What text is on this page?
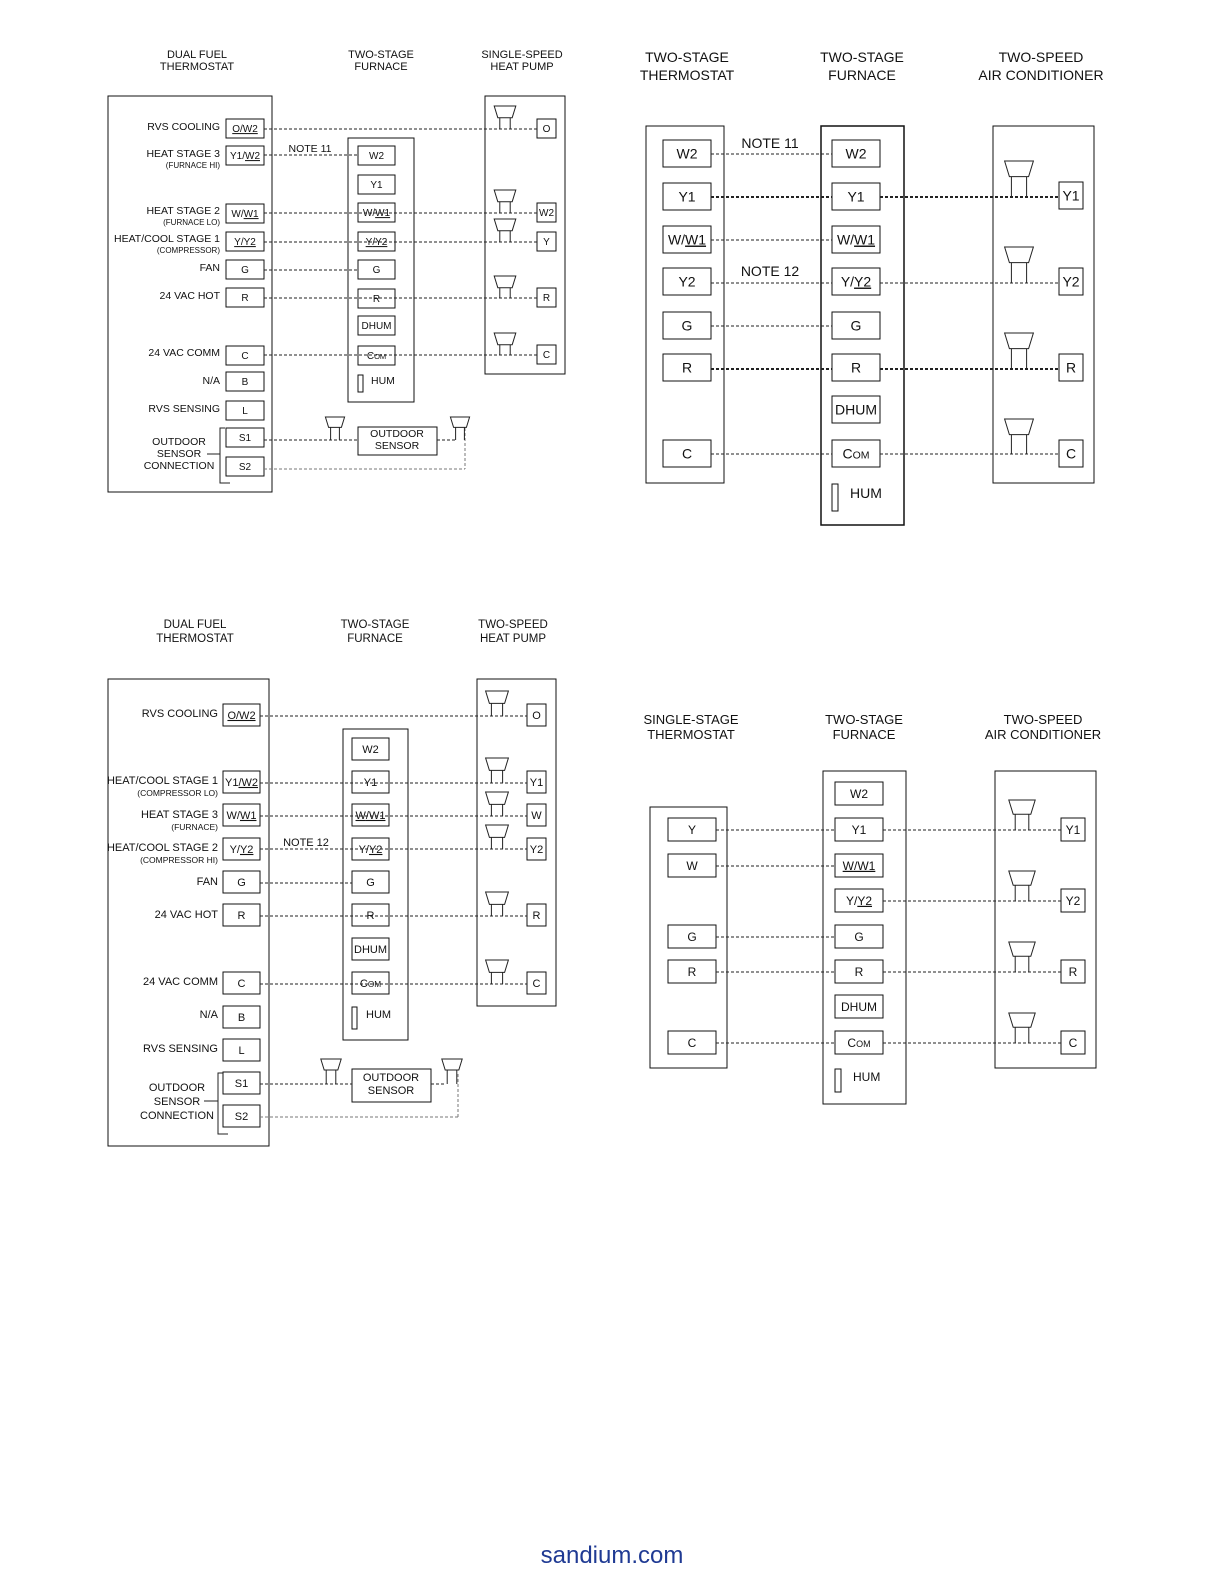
DUAL FUEL THERMOSTAT
TWO-STAGE FURNACE
SINGLE-SPEED HEAT PUMP
O/W2
Y1/W2
W/W1
Y/Y2
G
R
C
B
L
S1
S2
RVS COOLING
HEAT STAGE 3
(FURNACE HI)
HEAT STAGE 2
(FURNACE LO)
HEAT/COOL STAGE 1
(COMPRESSOR)
FAN
24 VAC HOT
24 VAC COMM
N/A
RVS SENSING
OUTDOOR SENSOR CONNECTION
W2
Y1
W/W1
Y/Y2
G
R
DHUM
COM
HUM
NOTE 11
O
W2
Y
R
C
OUTDOOR SENSOR
TWO-STAGE THERMOSTAT
TWO-STAGE FURNACE
TWO-SPEED AIR CONDITIONER
W2
Y1
W/W1
Y2
G
R
C
W2
Y1
W/W1
Y/Y2
G
R
DHUM
COM
HUM
NOTE 11
NOTE 12
Y1
Y2
R
C
DUAL FUEL THERMOSTAT
TWO-STAGE FURNACE
TWO-SPEED HEAT PUMP
O/W2
Y1/W2
W/W1
Y/Y2
G
R
C
B
L
S1
S2
RVS COOLING
HEAT/COOL STAGE 1
(COMPRESSOR LO)
HEAT STAGE 3
(FURNACE)
HEAT/COOL STAGE 2
(COMPRESSOR HI)
FAN
24 VAC HOT
24 VAC COMM
N/A
RVS SENSING
OUTDOOR SENSOR CONNECTION
W2
Y1
W/W1
Y/Y2
G
R
DHUM
COM
HUM
NOTE 12
O
Y1
W
Y2
R
C
OUTDOOR SENSOR
SINGLE-STAGE THERMOSTAT
TWO-STAGE FURNACE
TWO-SPEED AIR CONDITIONER
Y
W
G
R
C
W2
Y1
W/W1
Y/Y2
G
R
DHUM
COM
HUM
Y1
Y2
R
C
sandium.com
